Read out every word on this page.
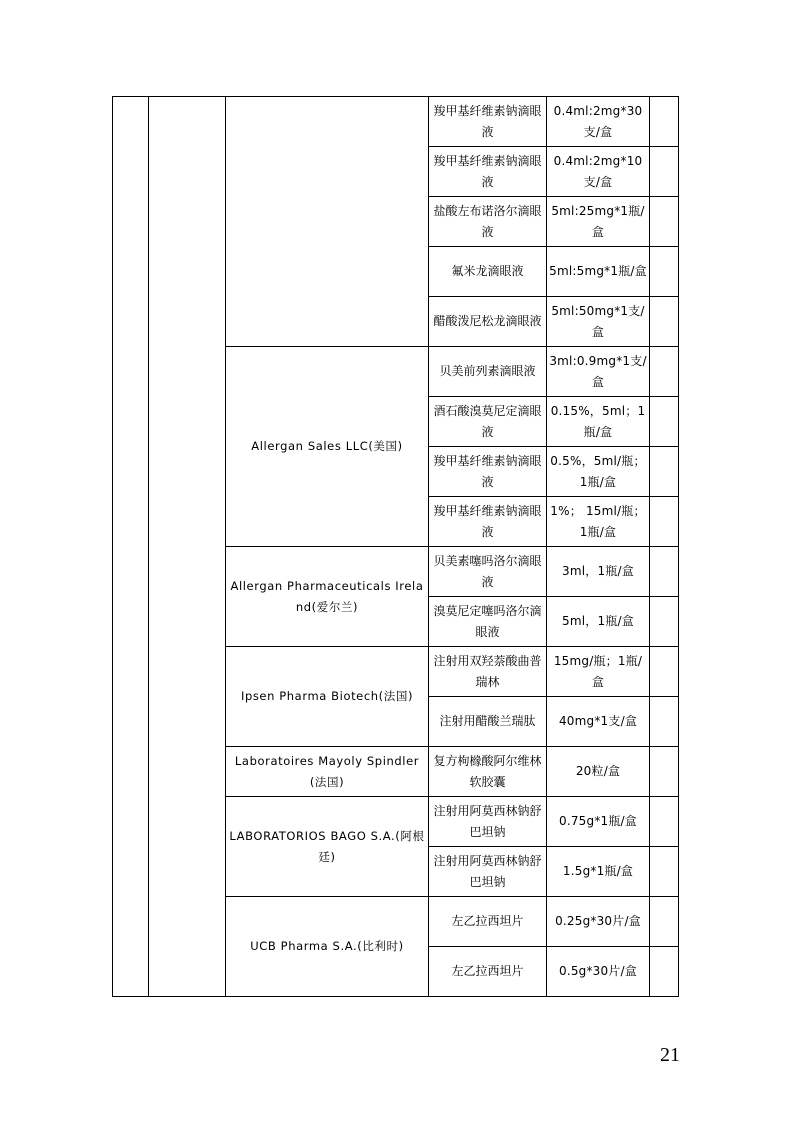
			羧甲基纤维素钠滴眼液	0.4ml:2mg*30支/盒	
			羧甲基纤维素钠滴眼液	0.4ml:2mg*10支/盒	
			盐酸左布诺洛尔滴眼液	5ml:25mg*1瓶/盒	
			氟米龙滴眼液	5ml:5mg*1瓶/盒	
			醋酸泼尼松龙滴眼液	5ml:50mg*1支/盒	
		Allergan Sales LLC(美国)	贝美前列素滴眼液	3ml:0.9mg*1支/盒	
			酒石酸溴莫尼定滴眼液	0.15%，5ml；1瓶/盒	
			羧甲基纤维素钠滴眼液	0.5%，5ml/瓶；1瓶/盒	
			羧甲基纤维素钠滴眼液	1%； 15ml/瓶； 1瓶/盒	
		Allergan Pharmaceuticals Ireland(爱尔兰)	贝美素噻吗洛尔滴眼液	3ml，1瓶/盒	
			溴莫尼定噻吗洛尔滴眼液	5ml，1瓶/盒	
		Ipsen Pharma Biotech(法国)	注射用双羟萘酸曲普瑞林	15mg/瓶；1瓶/盒	
			注射用醋酸兰瑞肽	40mg*1支/盒	
		Laboratoires Mayoly Spindler(法国)	复方枸橼酸阿尔维林软胶囊	20粒/盒	
		LABORATORIOS BAGO S.A.(阿根廷)	注射用阿莫西林钠舒巴坦钠	0.75g*1瓶/盒	
			注射用阿莫西林钠舒巴坦钠	1.5g*1瓶/盒	
		UCB Pharma S.A.(比利时)	左乙拉西坦片	0.25g*30片/盒	
			左乙拉西坦片	0.5g*30片/盒	
21
